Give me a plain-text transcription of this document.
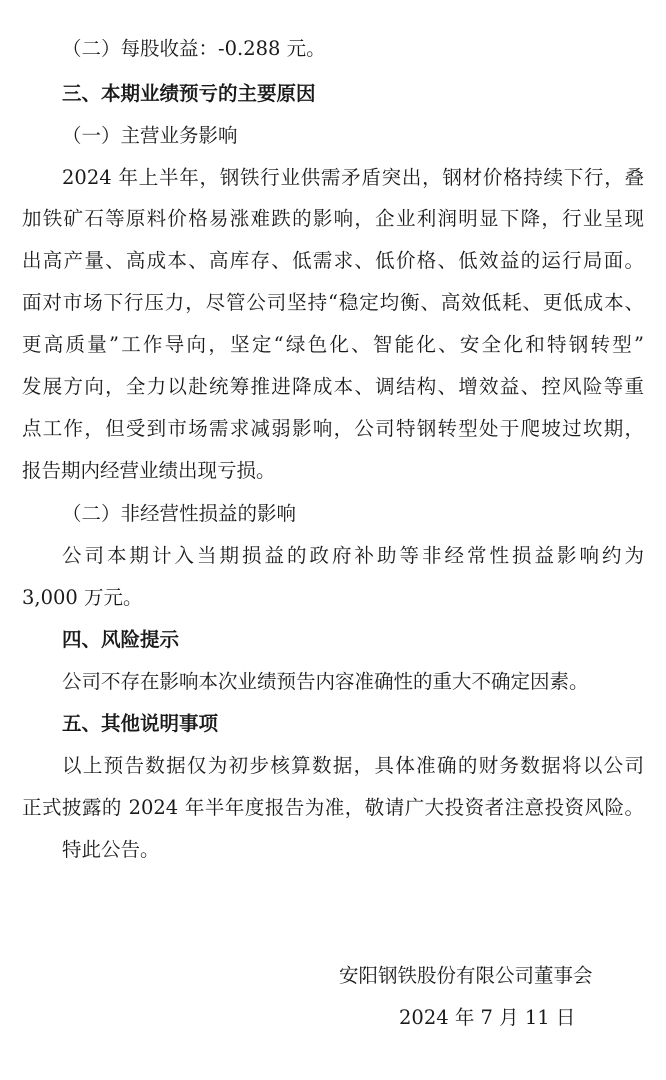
（二）每股收益：-0.288 元。
三、本期业绩预亏的主要原因
（一）主营业务影响
2024 年上半年，钢铁行业供需矛盾突出，钢材价格持续下行，叠
加铁矿石等原料价格易涨难跌的影响，企业利润明显下降，行业呈现
出高产量、高成本、高库存、低需求、低价格、低效益的运行局面。
面对市场下行压力，尽管公司坚持“稳定均衡、高效低耗、更低成本、
更高质量”工作导向，坚定“绿色化、智能化、安全化和特钢转型”
发展方向，全力以赴统筹推进降成本、调结构、增效益、控风险等重
点工作，但受到市场需求减弱影响，公司特钢转型处于爬坡过坎期，
报告期内经营业绩出现亏损。
（二）非经营性损益的影响
公司本期计入当期损益的政府补助等非经常性损益影响约为
3,000 万元。
四、风险提示
公司不存在影响本次业绩预告内容准确性的重大不确定因素。
五、其他说明事项
以上预告数据仅为初步核算数据，具体准确的财务数据将以公司
正式披露的 2024 年半年度报告为准，敬请广大投资者注意投资风险。
特此公告。
安阳钢铁股份有限公司董事会
2024 年 7 月 11 日
